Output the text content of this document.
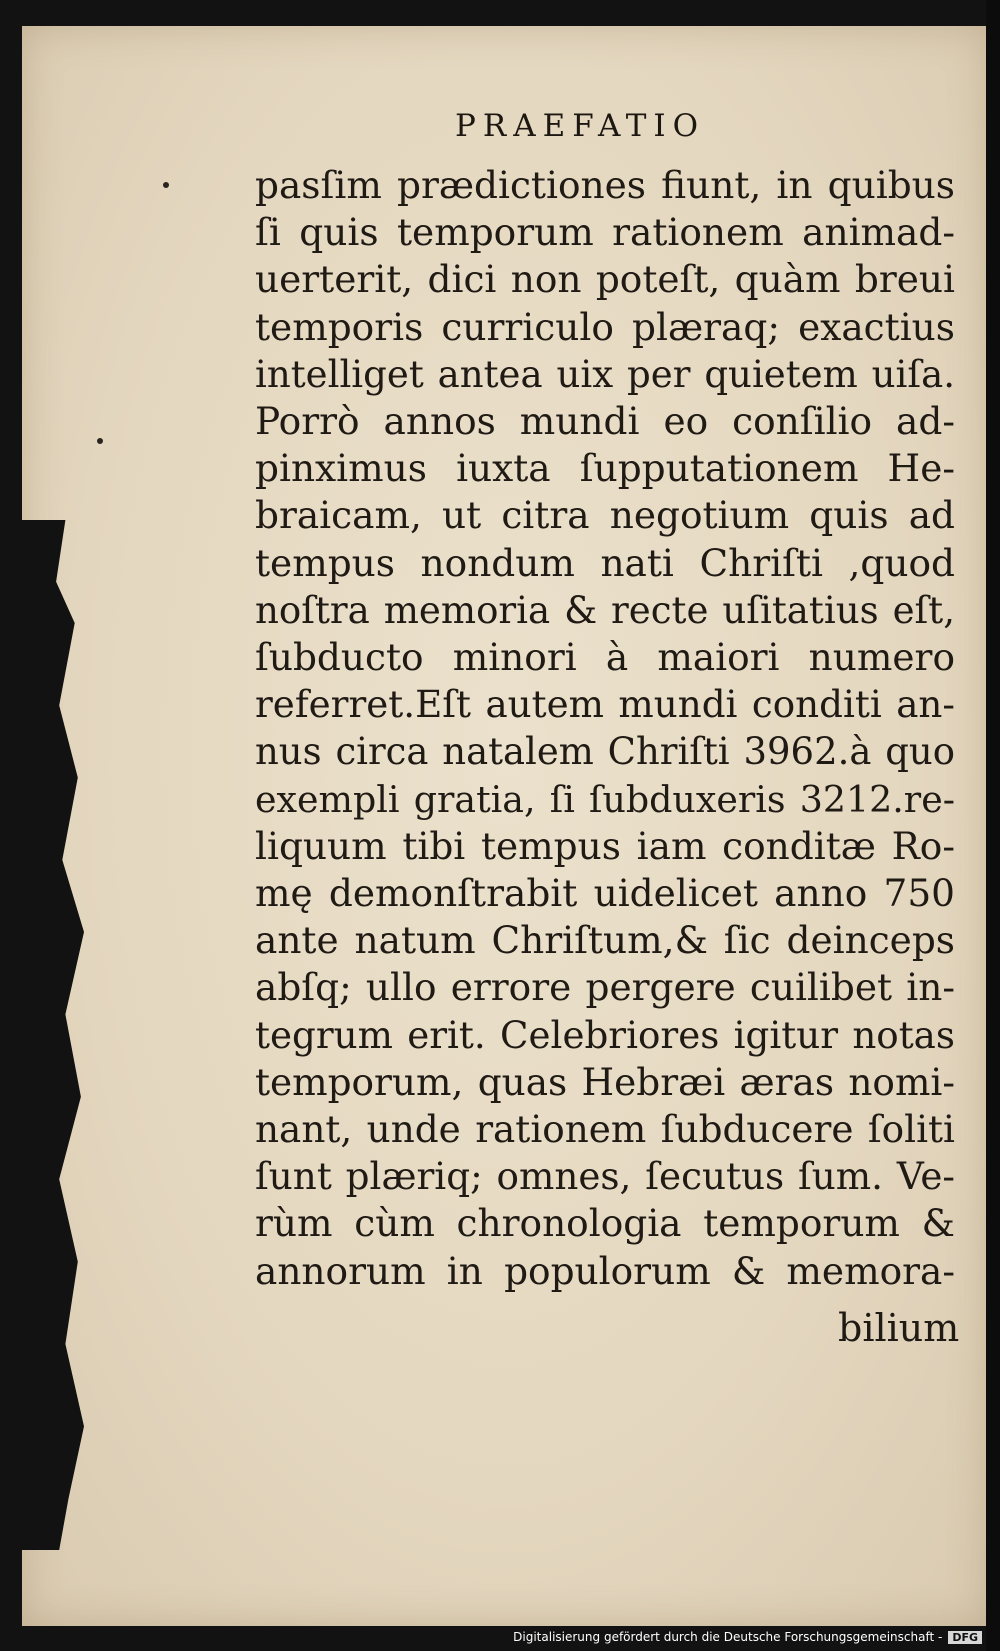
PRAEFATIO
pasſim prædictiones fiunt, in quibus
ſi quis temporum rationem animad-
uerterit, dici non poteſt, quàm breui
temporis curriculo plæraq; exactius
intelliget antea uix per quietem uiſa.
Porrò annos mundi eo conſilio ad-
pinximus iuxta ſupputationem He-
braicam, ut citra negotium quis ad
tempus nondum nati Chriſti ,quod
noſtra memoria & recte uſitatius eſt,
ſubducto minori à maiori numero
referret.Eſt autem mundi conditi an-
nus circa natalem Chriſti 3962.à quo
exempli gratia, ſi ſubduxeris 3212.re-
liquum tibi tempus iam conditæ Ro-
mę demonſtrabit uidelicet anno 750
ante natum Chriſtum,& ſic deinceps
abſq; ullo errore pergere cuilibet in-
tegrum erit. Celebriores igitur notas
temporum, quas Hebræi æras nomi-
nant, unde rationem ſubducere ſoliti
ſunt plæriq; omnes, ſecutus ſum. Ve-
rùm cùm chronologia temporum &
annorum in populorum & memora-
bilium
Digitalisierung gefördert durch die Deutsche Forschungsgemeinschaft - DFG
